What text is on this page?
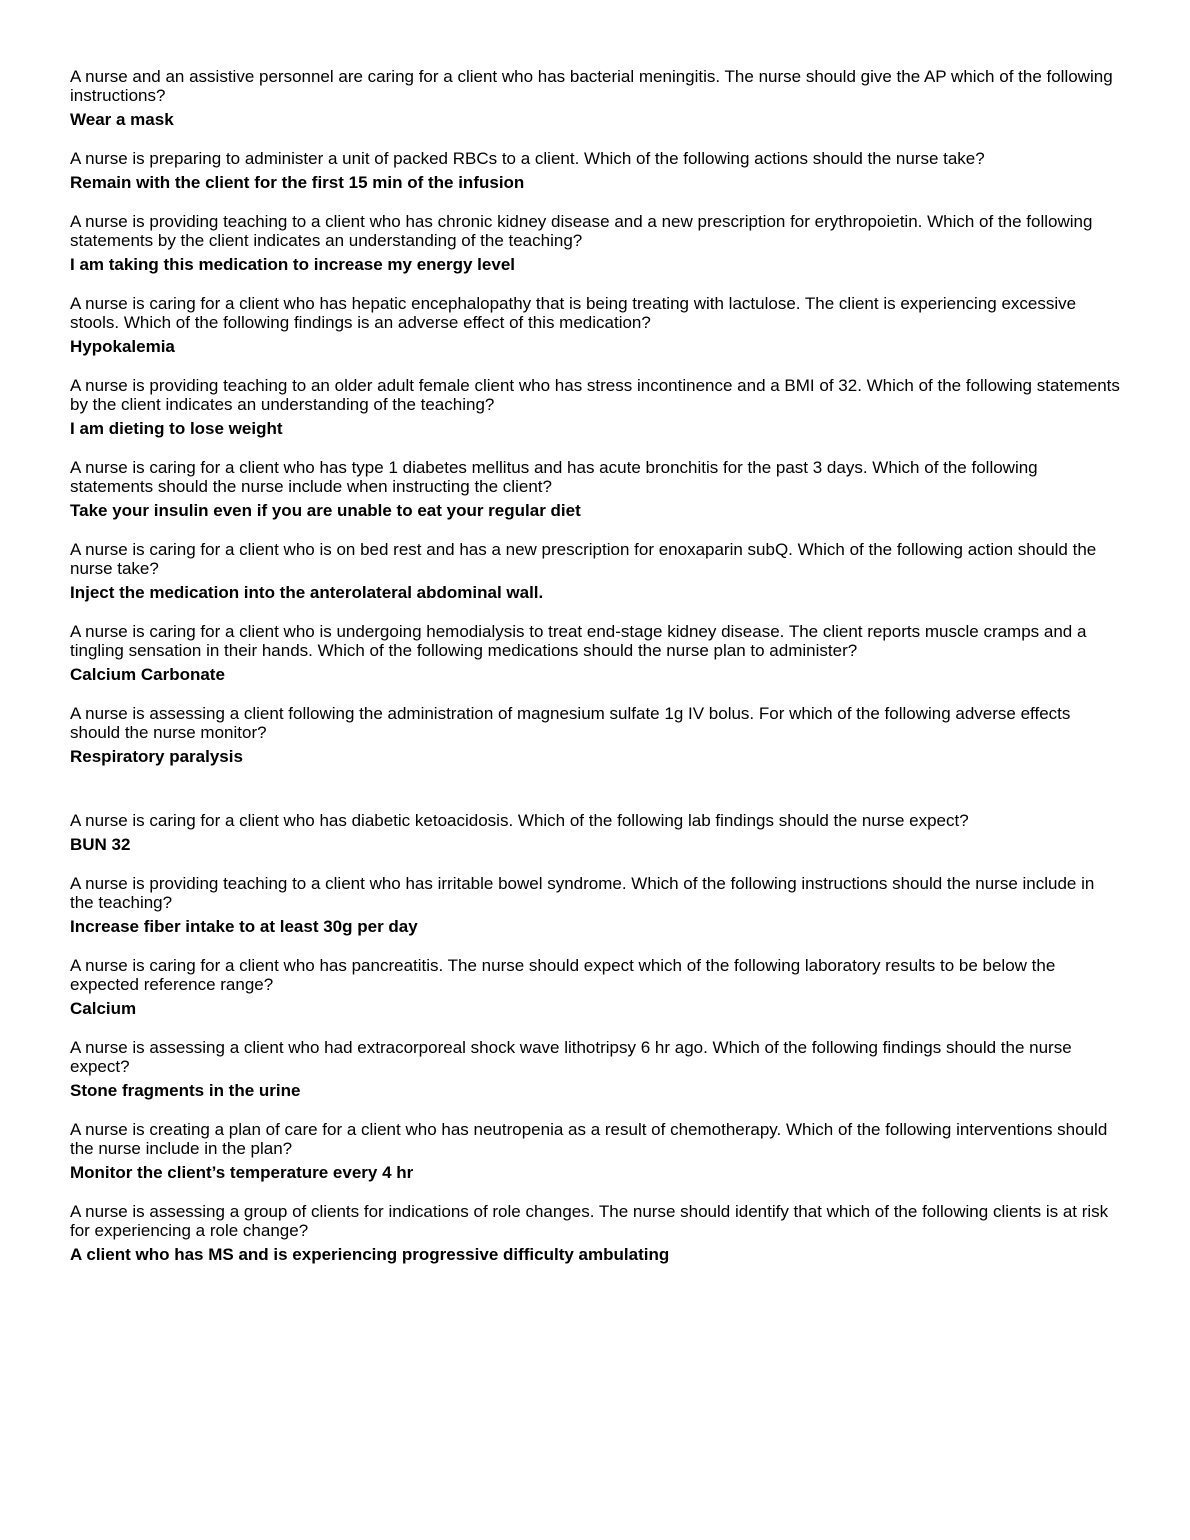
A nurse and an assistive personnel are caring for a client who has bacterial meningitis. The nurse should give the AP which of the following instructions?

Wear a mask

A nurse is preparing to administer a unit of packed RBCs to a client. Which of the following actions should the nurse take?

Remain with the client for the first 15 min of the infusion

A nurse is providing teaching to a client who has chronic kidney disease and a new prescription for erythropoietin. Which of the following statements by the client indicates an understanding of the teaching?

I am taking this medication to increase my energy level

A nurse is caring for a client who has hepatic encephalopathy that is being treating with lactulose. The client is experiencing excessive stools. Which of the following findings is an adverse effect of this medication?

Hypokalemia

A nurse is providing teaching to an older adult female client who has stress incontinence and a BMI of 32. Which of the following statements by the client indicates an understanding of the teaching?

I am dieting to lose weight

A nurse is caring for a client who has type 1 diabetes mellitus and has acute bronchitis for the past 3 days. Which of the following statements should the nurse include when instructing the client?

Take your insulin even if you are unable to eat your regular diet

A nurse is caring for a client who is on bed rest and has a new prescription for enoxaparin subQ. Which of the following action should the nurse take?

Inject the medication into the anterolateral abdominal wall.

A nurse is caring for a client who is undergoing hemodialysis to treat end-stage kidney disease. The client reports muscle cramps and a tingling sensation in their hands. Which of the following medications should the nurse plan to administer?

Calcium Carbonate

A nurse is assessing a client following the administration of magnesium sulfate 1g IV bolus. For which of the following adverse effects should the nurse monitor?

Respiratory paralysis

A nurse is caring for a client who has diabetic ketoacidosis. Which of the following lab findings should the nurse expect?

BUN 32

A nurse is providing teaching to a client who has irritable bowel syndrome. Which of the following instructions should the nurse include in the teaching?

Increase fiber intake to at least 30g per day

A nurse is caring for a client who has pancreatitis. The nurse should expect which of the following laboratory results to be below the expected reference range?

Calcium

A nurse is assessing a client who had extracorporeal shock wave lithotripsy 6 hr ago. Which of the following findings should the nurse expect?

Stone fragments in the urine

A nurse is creating a plan of care for a client who has neutropenia as a result of chemotherapy. Which of the following interventions should the nurse include in the plan?

Monitor the client’s temperature every 4 hr

A nurse is assessing a group of clients for indications of role changes. The nurse should identify that which of the following clients is at risk for experiencing a role change?

A client who has MS and is experiencing progressive difficulty ambulating
